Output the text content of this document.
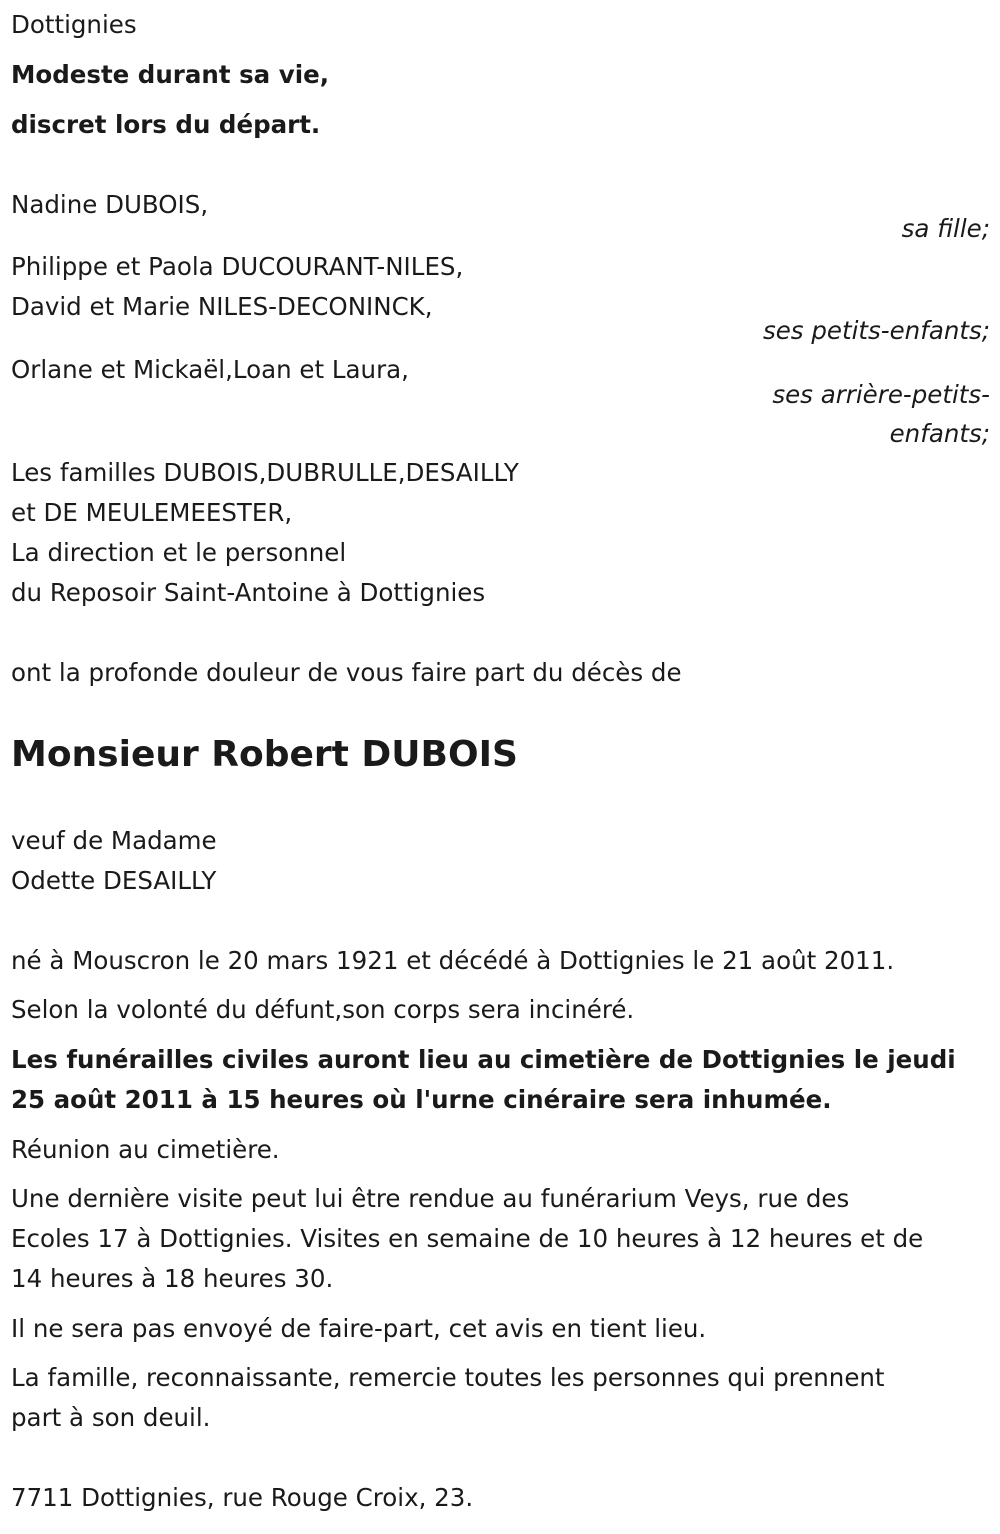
Dottignies

Modeste durant sa vie,

discret lors du départ.

Nadine DUBOIS,

sa fille;

Philippe et Paola DUCOURANT-NILES,

David et Marie NILES-DECONINCK,

ses petits-enfants;

Orlane et Mickaël,Loan et Laura,

ses arrière-petits-

enfants;

Les familles DUBOIS,DUBRULLE,DESAILLY

et DE MEULEMEESTER,

La direction et le personnel

du Reposoir Saint-Antoine à Dottignies

ont la profonde douleur de vous faire part du décès de

Monsieur Robert DUBOIS

veuf de Madame

Odette DESAILLY

né à Mouscron le 20 mars 1921 et décédé à Dottignies le 21 août 2011.

Selon la volonté du défunt,son corps sera incinéré.

Les funérailles civiles auront lieu au cimetière de Dottignies le jeudi

25 août 2011 à 15 heures où l'urne cinéraire sera inhumée.

Réunion au cimetière.

Une dernière visite peut lui être rendue au funérarium Veys, rue des

Ecoles 17 à Dottignies. Visites en semaine de 10 heures à 12 heures et de

14 heures à 18 heures 30.

Il ne sera pas envoyé de faire-part, cet avis en tient lieu.

La famille, reconnaissante, remercie toutes les personnes qui prennent

part à son deuil.

7711 Dottignies, rue Rouge Croix, 23.
